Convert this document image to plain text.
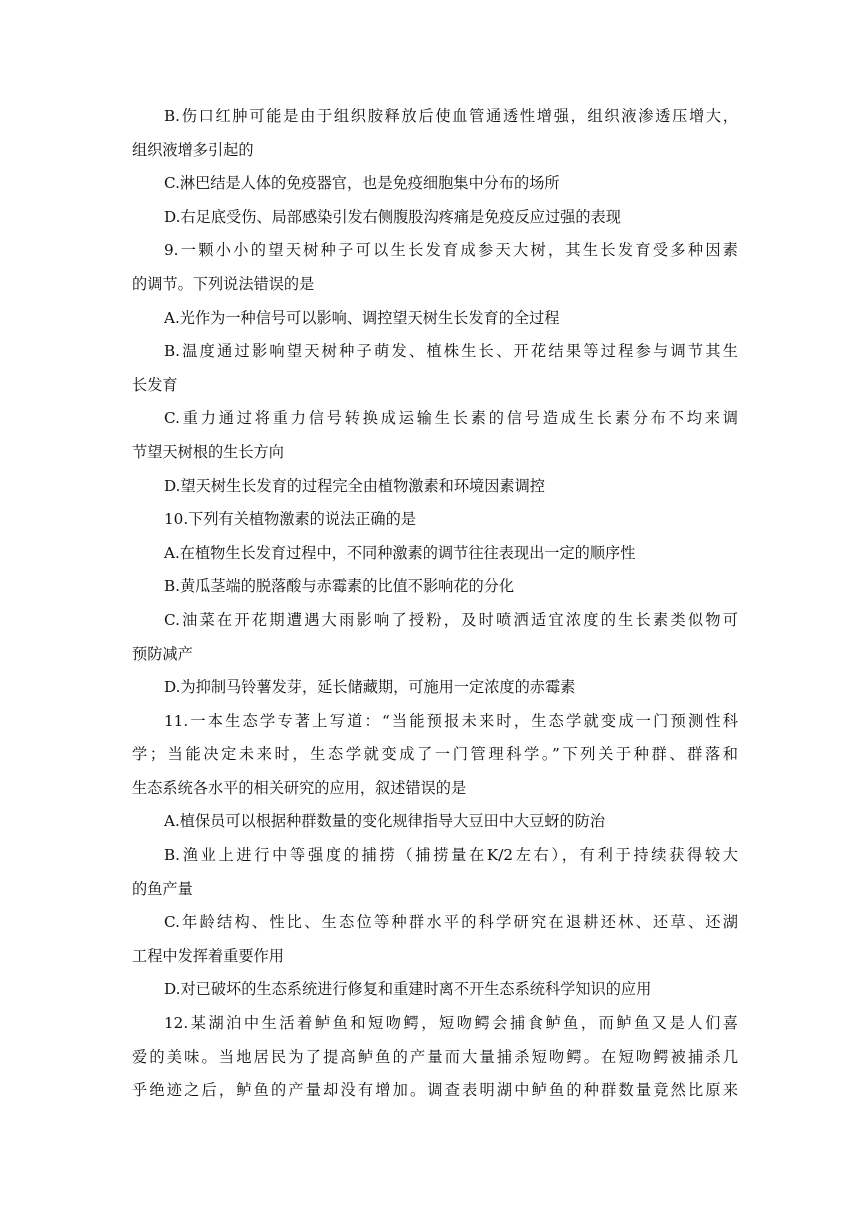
B.伤口红肿可能是由于组织胺释放后使血管通透性增强，组织液渗透压增大，
组织液增多引起的
C.淋巴结是人体的免疫器官，也是免疫细胞集中分布的场所
D.右足底受伤、局部感染引发右侧腹股沟疼痛是免疫反应过强的表现
9.一颗小小的望天树种子可以生长发育成参天大树，其生长发育受多种因素
的调节。下列说法错误的是
A.光作为一种信号可以影响、调控望天树生长发育的全过程
B.温度通过影响望天树种子萌发、植株生长、开花结果等过程参与调节其生
长发育
C.重力通过将重力信号转换成运输生长素的信号造成生长素分布不均来调
节望天树根的生长方向
D.望天树生长发育的过程完全由植物激素和环境因素调控
10.下列有关植物激素的说法正确的是
A.在植物生长发育过程中，不同种激素的调节往往表现出一定的顺序性
B.黄瓜茎端的脱落酸与赤霉素的比值不影响花的分化
C.油菜在开花期遭遇大雨影响了授粉，及时喷洒适宜浓度的生长素类似物可
预防减产
D.为抑制马铃薯发芽，延长储藏期，可施用一定浓度的赤霉素
11.一本生态学专著上写道：“当能预报未来时，生态学就变成一门预测性科
学；当能决定未来时，生态学就变成了一门管理科学。”下列关于种群、群落和
生态系统各水平的相关研究的应用，叙述错误的是
A.植保员可以根据种群数量的变化规律指导大豆田中大豆蚜的防治
B.渔业上进行中等强度的捕捞（捕捞量在K/2左右），有利于持续获得较大
的鱼产量
C.年龄结构、性比、生态位等种群水平的科学研究在退耕还林、还草、还湖
工程中发挥着重要作用
D.对已破坏的生态系统进行修复和重建时离不开生态系统科学知识的应用
12.某湖泊中生活着鲈鱼和短吻鳄，短吻鳄会捕食鲈鱼，而鲈鱼又是人们喜
爱的美味。当地居民为了提高鲈鱼的产量而大量捕杀短吻鳄。在短吻鳄被捕杀几
乎绝迹之后，鲈鱼的产量却没有增加。调查表明湖中鲈鱼的种群数量竟然比原来
